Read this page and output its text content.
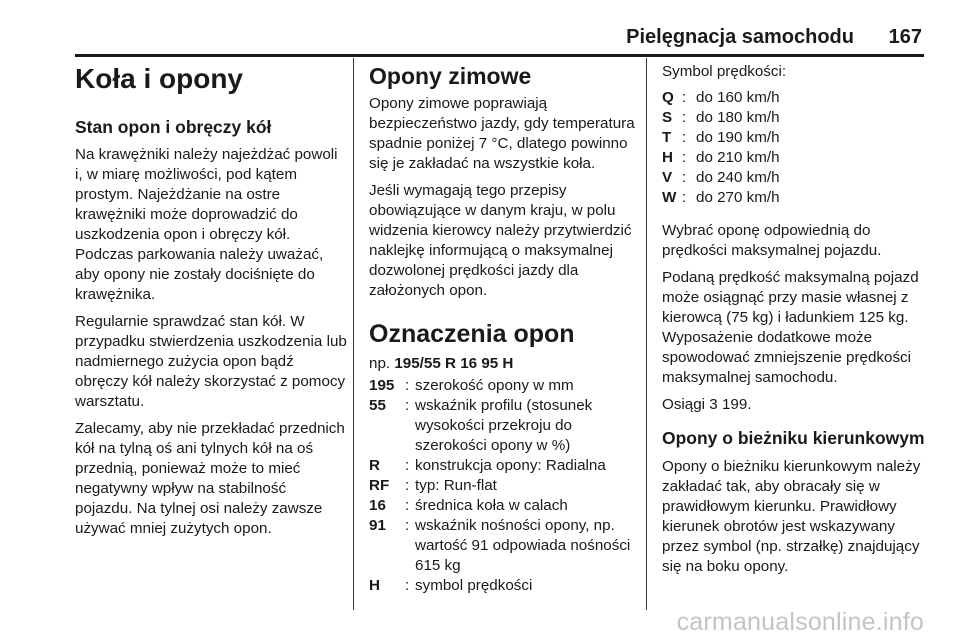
Pielęgnacja samochodu 167
Koła i opony
Stan opon i obręczy kół

Na krawężniki należy najeżdżać powoli i, w miarę możliwości, pod kątem prostym. Najeżdżanie na ostre krawężniki może doprowadzić do uszkodzenia opon i obręczy kół. Podczas parkowania należy uważać, aby opony nie zostały dociśnięte do krawężnika.

Regularnie sprawdzać stan kół. W przypadku stwierdzenia uszkodzenia lub nadmiernego zużycia opon bądź obręczy kół należy skorzystać z pomocy warsztatu.

Zalecamy, aby nie przekładać przednich kół na tylną oś ani tylnych kół na oś przednią, ponieważ może to mieć negatywny wpływ na stabilność pojazdu. Na tylnej osi należy zawsze używać mniej zużytych opon.

Opony zimowe

Opony zimowe poprawiają bezpieczeństwo jazdy, gdy temperatura spadnie poniżej 7 °C, dlatego powinno się je zakładać na wszystkie koła.

Jeśli wymagają tego przepisy obowiązujące w danym kraju, w polu widzenia kierowcy należy przytwierdzić naklejkę informującą o maksymalnej dozwolonej prędkości jazdy dla założonych opon.

Oznaczenia opon
np. 195/55 R 16 95 H
195 : szerokość opony w mm
55	: wskaźnik profilu (stosunek wysokości przekroju do szerokości opony w %)
R	: konstrukcja opony: Radialna
RF	: typ: Run-flat
16	: średnica koła w calach
91	: wskaźnik nośności opony, np. wartość 91 odpowiada nośności 615 kg
H	: symbol prędkości
Symbol prędkości:
Q : do 160 km/h
S : do 180 km/h
T : do 190 km/h
H : do 210 km/h
V : do 240 km/h
W : do 270 km/h

Wybrać oponę odpowiednią do prędkości maksymalnej pojazdu.

Podaną prędkość maksymalną pojazd może osiągnąć przy masie własnej z kierowcą (75 kg) i ładunkiem 125 kg. Wyposażenie dodatkowe może spowodować zmniejszenie prędkości maksymalnej samochodu.

Osiągi 3 199.

Opony o bieżniku kierunkowym

Opony o bieżniku kierunkowym należy zakładać tak, aby obracały się w prawidłowym kierunku. Prawidłowy kierunek obrotów jest wskazywany przez symbol (np. strzałkę) znajdujący się na boku opony.

carmanualsonline.info
